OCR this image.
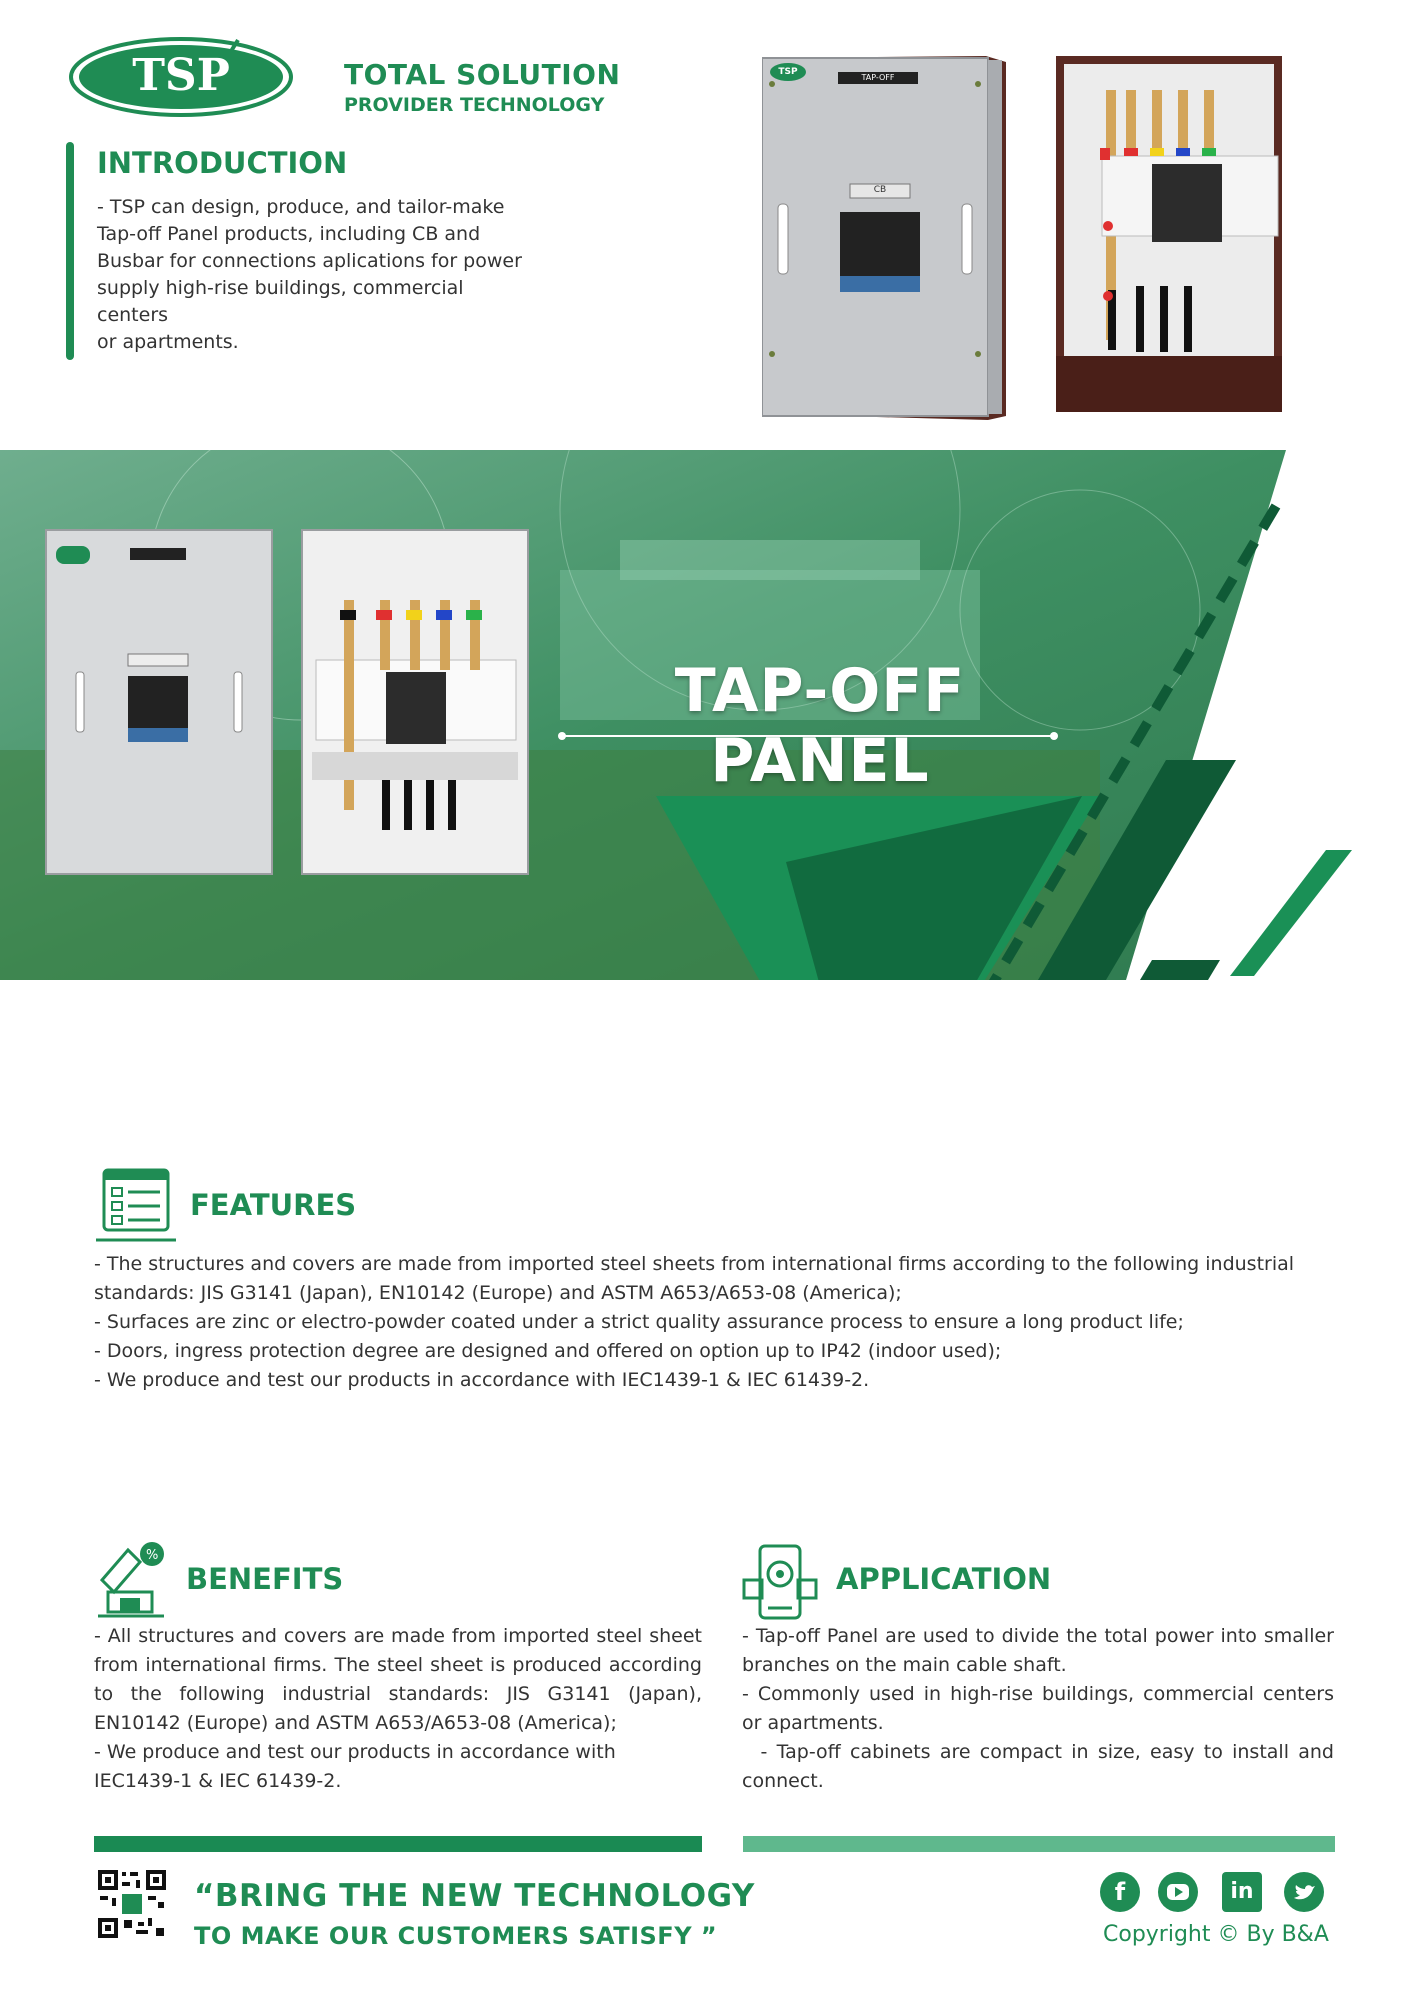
TSP	TOTAL SOLUTION
PROVIDER TECHNOLOGY
INTRODUCTION
- TSP can design, produce, and tailor-make
Tap-off Panel products, including CB and
Busbar for connections aplications for power
supply high-rise buildings, commercial centers
or apartments.
TAP-OFF
CB
TSP
TAP-OFF PANEL
FEATURES
- The structures and covers are made from imported steel sheets from international firms according to the following industrial
standards: JIS G3141 (Japan), EN10142 (Europe) and ASTM A653/A653-08 (America);
- Surfaces are zinc or electro-powder coated under a strict quality assurance process to ensure a long product life;
- Doors, ingress protection degree are designed and offered on option up to IP42 (indoor used);
- We produce and test our products in accordance with IEC1439-1 & IEC 61439-2.
%
BENEFITS
- All structures and covers are made from imported steel sheet from international firms. The steel sheet is produced according to the following industrial standards: JIS G3141 (Japan), EN10142 (Europe) and ASTM A653/A653-08 (America);
- We produce and test our products in accordance with IEC1439-1 & IEC 61439-2.
APPLICATION
- Tap-off Panel are used to divide the total power into smaller branches on the main cable shaft.
- Commonly used in high-rise buildings, commercial centers or apartments.
- Tap-off cabinets are compact in size, easy to install and connect.
“BRING THE NEW TECHNOLOGY
TO MAKE OUR CUSTOMERS SATISFY ”
f	in
Copyright © By B&A
